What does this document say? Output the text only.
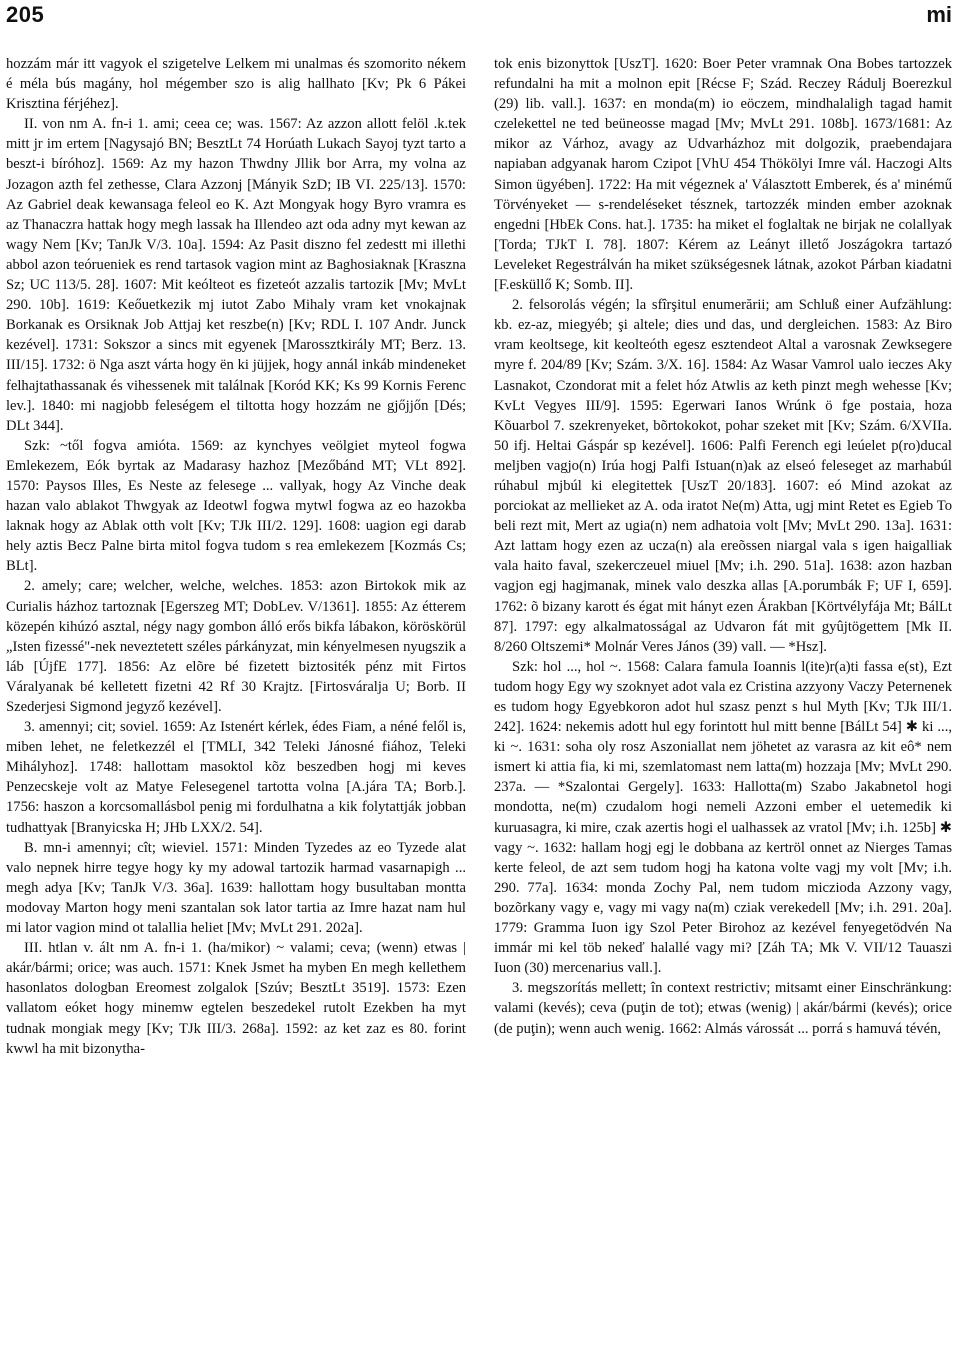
205	mi

hozzám már itt vagyok el szigetelve Lelkem mi unalmas és szomorito nékem é méla bús magány, hol mégember szo is alig hallhato [Kv; Pk 6 Pákei Krisztina férjéhez].

II. von nm A. fn-i 1. ami; ceea ce; was. 1567: Az azzon allott felöl .k.tek mitt jr im ertem [Nagysajó BN; BesztLt 74 Horúath Lukach Sayoj tyzt tarto a beszt-i bíróhoz]. 1569: Az my hazon Thwdny Jllik bor Arra, my volna az Jozagon azth fel zethesse, Clara Azzonj [Mányik SzD; IB VI. 225/13]. 1570: Az Gabriel deak kewansaga feleol eo K. Azt Mongyak hogy Byro vramra es az Thanaczra hattak hogy megh lassak ha Illendeo azt oda adny myt kewan az wagy Nem [Kv; TanJk V/3. 10a]. 1594: Az Pasit diszno fel zedestt mi illethi abbol azon teórueniek es rend tartasok vagion mint az Baghosiaknak [Kraszna Sz; UC 113/5. 28]. 1607: Mit keólteot es fizeteót azzalis tartozik [Mv; MvLt 290. 10b]. 1619: Keőuetkezik mj iutot Zabo Mihaly vram ket vnokajnak Borkanak es Orsiknak Job Attjaj ket reszbe(n) [Kv; RDL I. 107 Andr. Junck kezével]. 1731: Sokszor a sincs mit egyenek [Marossztkirály MT; Berz. 13. III/15]. 1732: ö Nga aszt várta hogy ën ki jüjjek, hogy annál inkáb mindeneket felhajtathassanak és vihessenek mit találnak [Koród KK; Ks 99 Kornis Ferenc lev.]. 1840: mi nagjobb feleségem el tiltotta hogy hozzám ne gjőjjőn [Dés; DLt 344].

Szk: ~től fogva amióta. 1569: az kynchyes veölgiet myteol fogwa Emlekezem, Eók byrtak az Madarasy hazhoz [Mezőbánd MT; VLt 892]. 1570: Paysos Illes, Es Neste az felesege ... vallyak, hogy Az Vinche deak hazan valo ablakot Thwgyak az Ideotwl fogwa mytwl fogwa az eo hazokba laknak hogy az Ablak otth volt [Kv; TJk III/2. 129]. 1608: uagion egi darab hely aztis Becz Palne birta mitol fogva tudom s rea emlekezem [Kozmás Cs; BLt].

2. amely; care; welcher, welche, welches. 1853: azon Birtokok mik az Curialis házhoz tartoznak [Egerszeg MT; DobLev. V/1361]. 1855: Az étterem közepén kihúzó asztal, négy nagy gombon álló erős bikfa lábakon, köröskörül „Isten fizessé"-nek neveztetett széles párkányzat, min kényelmesen nyugszik a láb [ÚjfE 177]. 1856: Az elõre bé fizetett biztositék pénz mit Firtos Váralyanak bé kelletett fizetni 42 Rf 30 Krajtz. [Firtosváralja U; Borb. II Szederjesi Sigmond jegyző kezével].

3. amennyi; cit; soviel. 1659: Az Istenért kérlek, édes Fiam, a néné felől is, miben lehet, ne feletkezzél el [TMLI, 342 Teleki Jánosné fiához, Teleki Mihályhoz]. 1748: hallottam masoktol kõz beszedben hogj mi keves Penzecskeje volt az Matye Felesegenel tartotta volna [A.jára TA; Borb.]. 1756: haszon a korcsomallásbol penig mi fordulhatna a kik folytattják jobban tudhattyak [Branyicska H; JHb LXX/2. 54].

B. mn-i amennyi; cît; wieviel. 1571: Minden Tyzedes az eo Tyzede alat valo nepnek hirre tegye hogy ky my adowal tartozik harmad vasarnapigh ... megh adya [Kv; TanJk V/3. 36a]. 1639: hallottam hogy busultaban montta modovay Marton hogy meni szantalan sok lator tartia az Imre hazat nam hul mi lator vagion mind ot talallia heliet [Mv; MvLt 291. 202a].

III. htlan v. ált nm A. fn-i 1. (ha/mikor) ~ valami; ceva; (wenn) etwas | akár/bármi; orice; was auch. 1571: Knek Jsmet ha myben En megh kellethem hasonlatos dologban Ereomest zolgalok [Szúv; BesztLt 3519]. 1573: Ezen vallatom eóket hogy minemw egtelen beszedekel rutolt Ezekben ha myt tudnak mongiak megy [Kv; TJk III/3. 268a]. 1592: az ket zaz es 80. forint kwwl ha mit bizonytha-

tok enis bizonyttok [UszT]. 1620: Boer Peter vramnak Ona Bobes tartozzek refundalni ha mit a molnon epit [Récse F; Szád. Reczey Rádulj Boerezkul (29) lib. vall.]. 1637: en monda(m) io eöczem, mindhalaligh tagad hamit czelekettel ne ted beüneosse magad [Mv; MvLt 291. 108b]. 1673/1681: Az mikor az Várhoz, avagy az Udvarházhoz mit dolgozik, praebendajara napiaban adgyanak harom Czipot [VhU 454 Thökölyi Imre vál. Haczogi Alts Simon ügyében]. 1722: Ha mit végeznek a' Választott Emberek, és a' minémű Törvényeket — s-rendeléseket tésznek, tartozzék minden ember azoknak engedni [HbEk Cons. hat.]. 1735: ha miket el foglaltak ne birjak ne colallyak [Torda; TJkT I. 78]. 1807: Kérem az Leányt illető Joszágokra tartazó Leveleket Regestrálván ha miket szükségesnek látnak, azokot Párban kiadatni [F.esküllő K; Somb. II].

2. felsorolás végén; la sfîrşitul enumerării; am Schluß einer Aufzählung: kb. ez-az, miegyéb; şi altele; dies und das, und dergleichen. 1583: Az Biro vram keoltsege, kit keolteóth egesz esztendeot Altal a varosnak Zewksegere myre f. 204/89 [Kv; Szám. 3/X. 16]. 1584: Az Wasar Vamrol ualo ieczes Aky Lasnakot, Czondorat mit a felet hóz Atwlis az keth pinzt megh wehesse [Kv; KvLt Vegyes III/9]. 1595: Egerwari Ianos Wrúnk ö fge postaia, hoza Kõuarbol 7. szekrenyeket, bõrtokokot, pohar szeket mit [Kv; Szám. 6/XVIIa. 50 ifj. Heltai Gáspár sp kezével]. 1606: Palfi Ferench egi leúelet p(ro)ducal meljben vagjo(n) Irúa hogj Palfi Istuan(n)ak az elseó feleseget az marhabúl rúhabul mjbúl ki elegitettek [UszT 20/183]. 1607: eó Mind azokat az porciokat az mellieket az A. oda iratot Ne(m) Atta, ugj mint Retet es Egieb To beli rezt mit, Mert az ugia(n) nem adhatoia volt [Mv; MvLt 290. 13a]. 1631: Azt lattam hogy ezen az ucza(n) ala ereõssen niargal vala s igen haigalliak vala haito faval, szekerczeuel miuel [Mv; i.h. 290. 51a]. 1638: azon hazban vagjon egj hagjmanak, minek valo deszka allas [A.porumbák F; UF I, 659]. 1762: õ bizany karott és égat mit hányt ezen Árakban [Körtvélyfája Mt; BálLt 87]. 1797: egy alkalmatosságal az Udvaron fát mit gyûjtögettem [Mk II. 8/260 Oltszemi* Molnár Veres János (39) vall. — *Hsz].

Szk: hol ..., hol ~. 1568: Calara famula Ioannis l(ite)r(a)ti fassa e(st), Ezt tudom hogy Egy wy szoknyet adot vala ez Cristina azzyony Vaczy Peternenek es tudom hogy Egyebkoron adot hul szasz penzt s hul Myth [Kv; TJk III/1. 242]. 1624: nekemis adott hul egy forintott hul mitt benne [BálLt 54] ✱ ki ..., ki ~. 1631: soha oly rosz Aszoniallat nem jöhetet az varasra az kit eô* nem ismert ki attia fia, ki mi, szemlatomast nem latta(m) hozzaja [Mv; MvLt 290. 237a. — *Szalontai Gergely]. 1633: Hallotta(m) Szabo Jakabnetol hogi mondotta, ne(m) czudalom hogi nemeli Azzoni ember el uetemedik ki kuruasagra, ki mire, czak azertis hogi el ualhassek az vratol [Mv; i.h. 125b] ✱ vagy ~. 1632: hallam hogj egj le dobbana az kertröl onnet az Nierges Tamas kerte feleol, de azt sem tudom hogj ha katona volte vagj my volt [Mv; i.h. 290. 77a]. 1634: monda Zochy Pal, nem tudom miczioda Azzony vagy, bozõrkany vagy e, vagy mi vagy na(m) cziak verekedell [Mv; i.h. 291. 20a]. 1779: Gramma Iuon igy Szol Peter Birohoz az kezével fenyegetödvén Na immár mi kel töb nekeď halallé vagy mi? [Záh TA; Mk V. VII/12 Tauaszi Iuon (30) mercenarius vall.].

3. megszorítás mellett; în context restrictiv; mitsamt einer Einschränkung: valami (kevés); ceva (puţin de tot); etwas (wenig) | akár/bármi (kevés); orice (de puţin); wenn auch wenig. 1662: Almás várossát ... porrá s hamuvá tévén,
